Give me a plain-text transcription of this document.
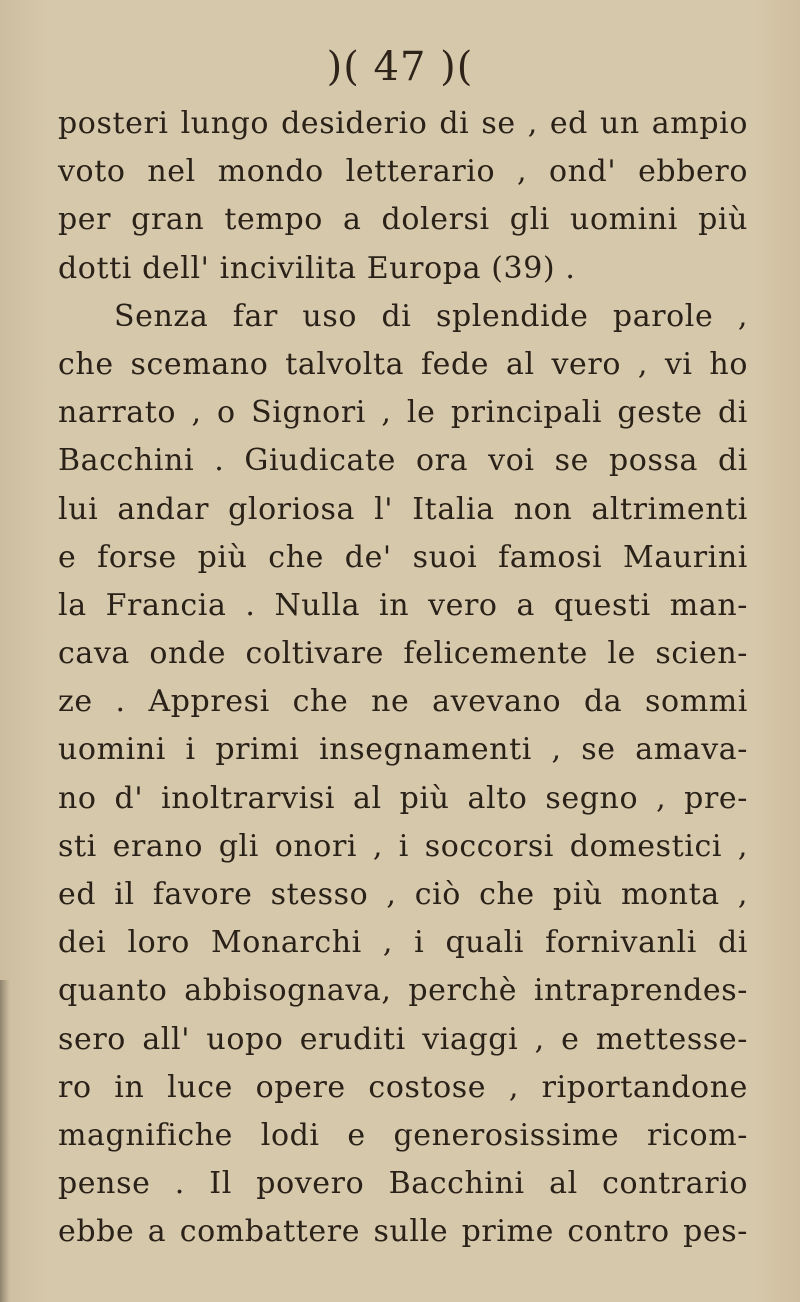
)( 47 )(
posteri lungo desiderio di se , ed un ampio
voto nel mondo letterario , ond' ebbero
per gran tempo a dolersi gli uomini più
dotti dell' incivilita Europa (39) .
Senza far uso di splendide parole ,
che scemano talvolta fede al vero , vi ho
narrato , o Signori , le principali geste di
Bacchini . Giudicate ora voi se possa di
lui andar gloriosa l' Italia non altrimenti
e forse più che de' suoi famosi Maurini
la Francia . Nulla in vero a questi man-
cava onde coltivare felicemente le scien-
ze . Appresi che ne avevano da sommi
uomini i primi insegnamenti , se amava-
no d' inoltrarvisi al più alto segno , pre-
sti erano gli onori , i soccorsi domestici ,
ed il favore stesso , ciò che più monta ,
dei loro Monarchi , i quali fornivanli di
quanto abbisognava, perchè intraprendes-
sero all' uopo eruditi viaggi , e mettesse-
ro in luce opere costose , riportandone
magnifiche lodi e generosissime ricom-
pense . Il povero Bacchini al contrario
ebbe a combattere sulle prime contro pes-
